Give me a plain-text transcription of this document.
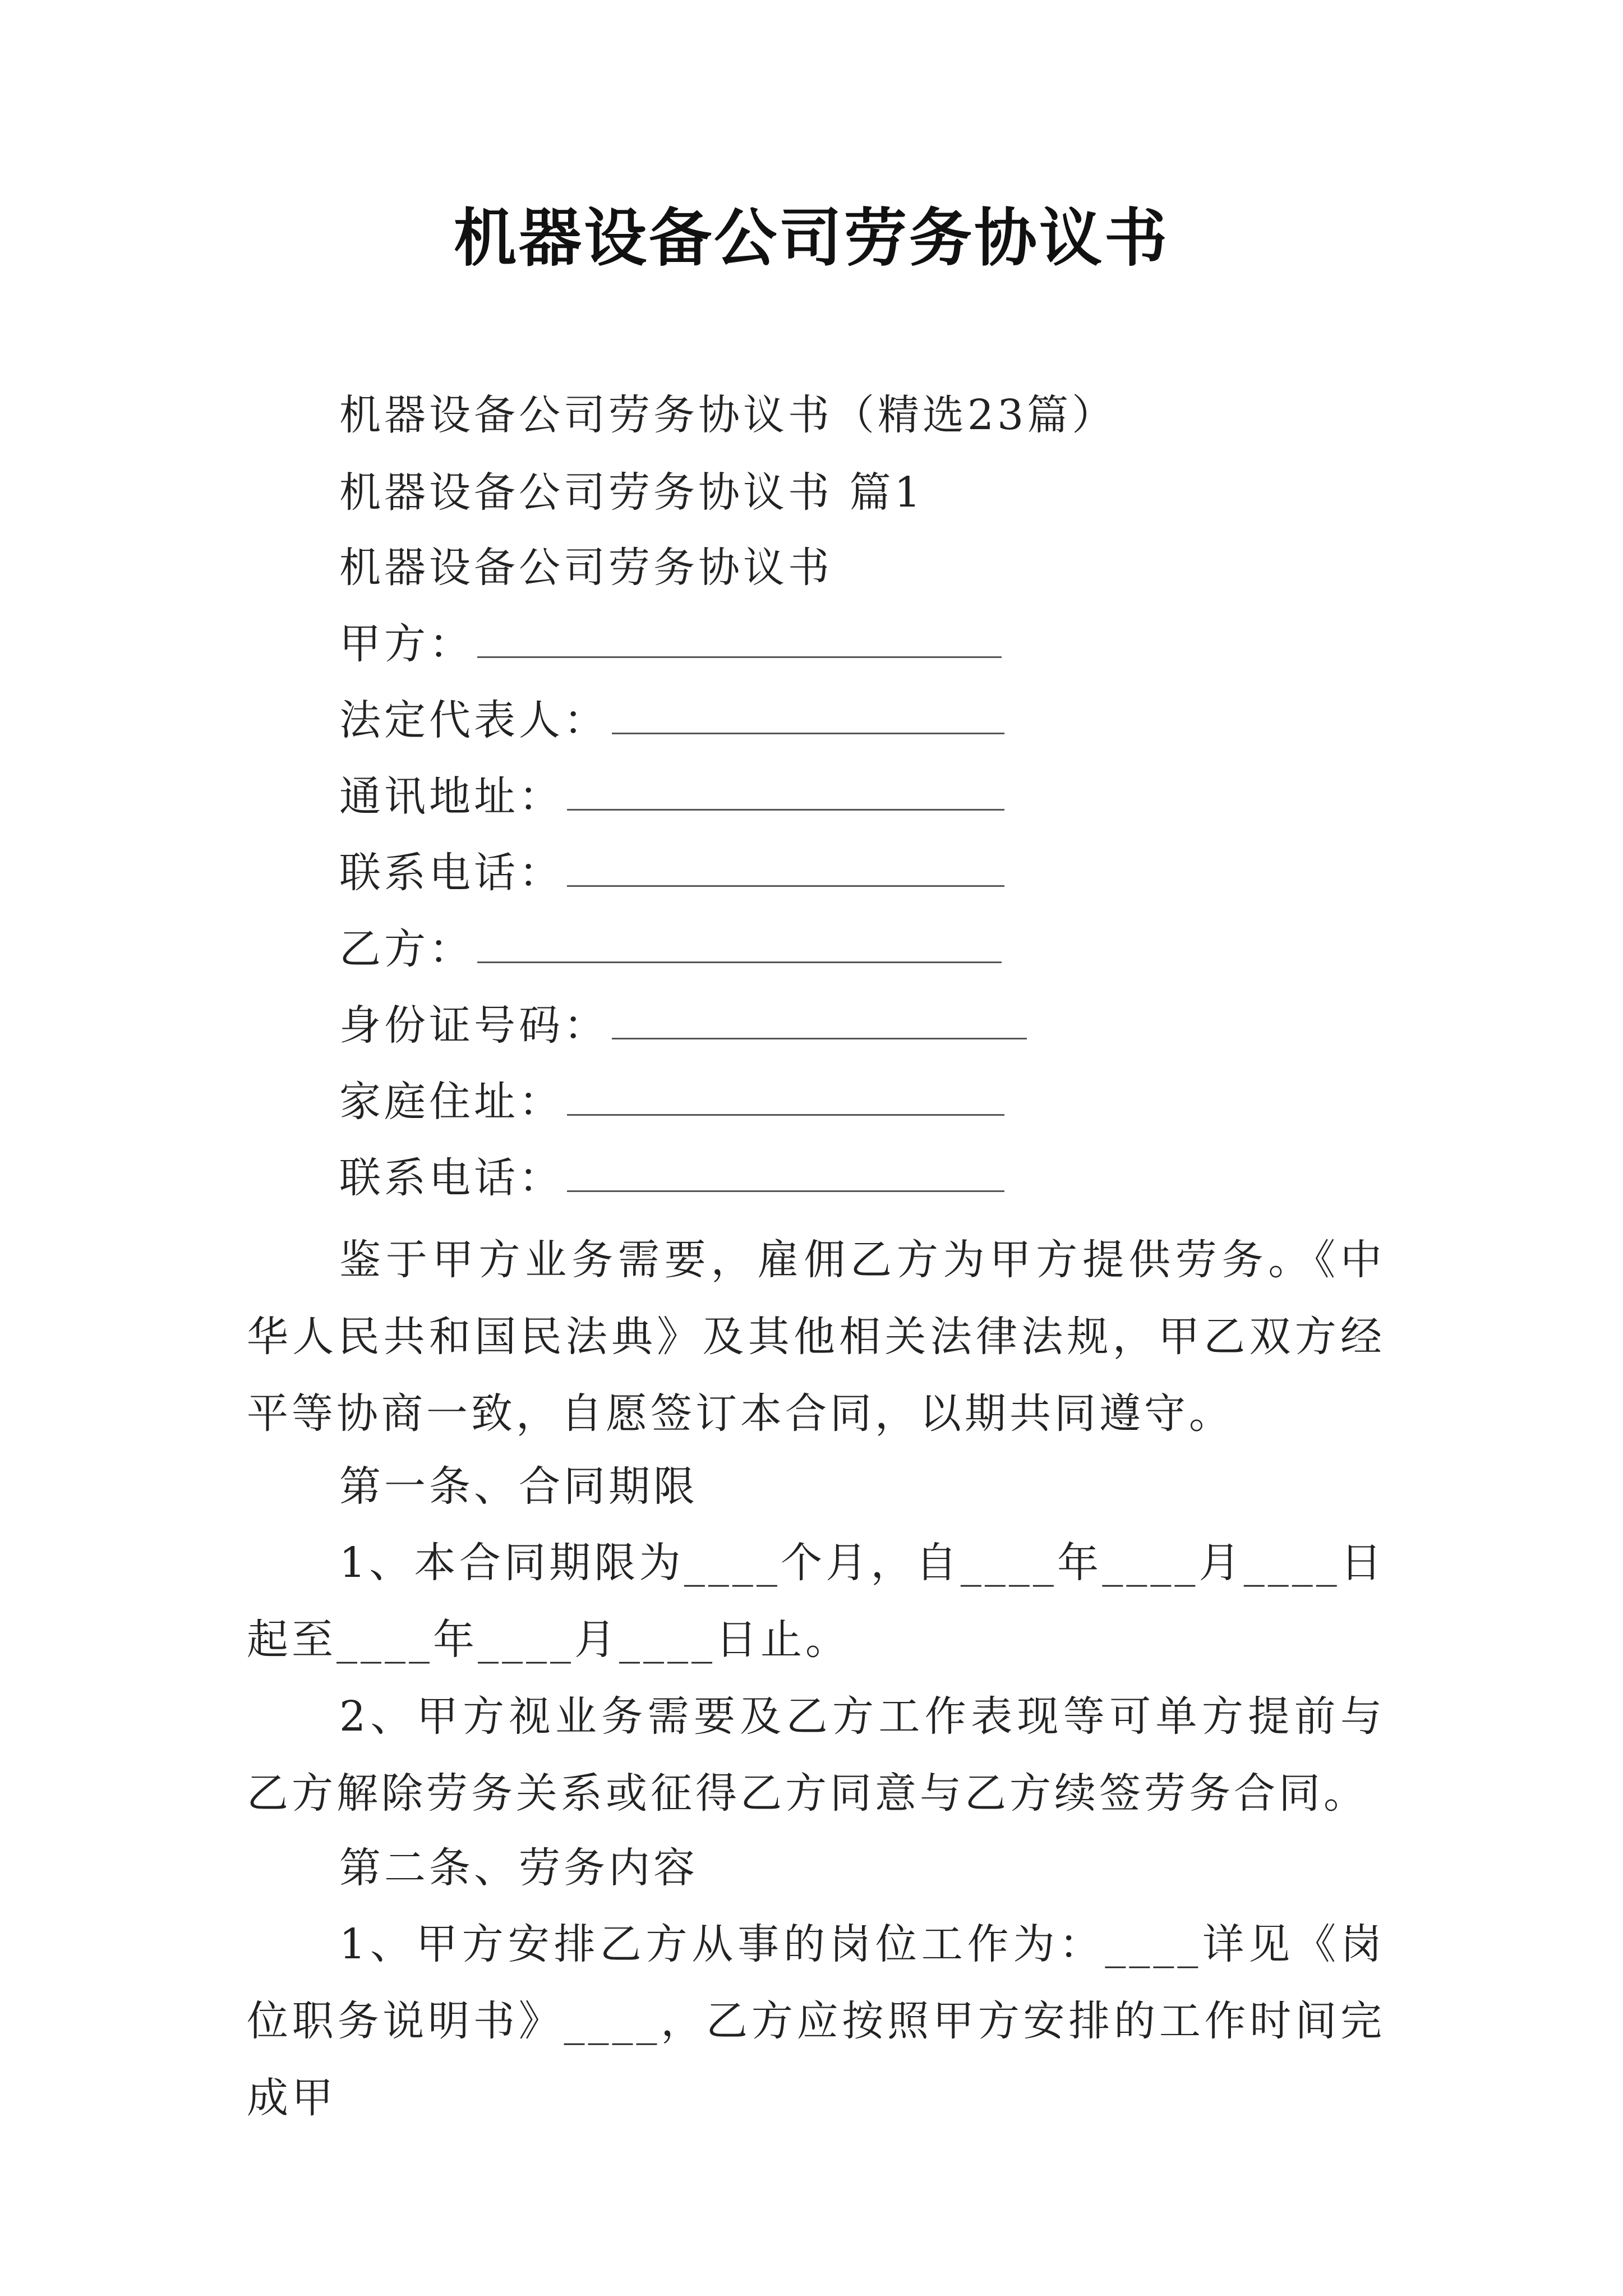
机器设备公司劳务协议书
机器设备公司劳务协议书（精选23篇）
机器设备公司劳务协议书 篇1
机器设备公司劳务协议书
甲方：
法定代表人：
通讯地址：
联系电话：
乙方：
身份证号码：
家庭住址：
联系电话：

鉴于甲方业务需要，雇佣乙方为甲方提供劳务。《中华人民共和国民法典》及其他相关法律法规，甲乙双方经平等协商一致，自愿签订本合同，以期共同遵守。

第一条、合同期限

1、本合同期限为____个月，自____年____月____日起至____年____月____日止。

2、甲方视业务需要及乙方工作表现等可单方提前与乙方解除劳务关系或征得乙方同意与乙方续签劳务合同。

第二条、劳务内容

1、甲方安排乙方从事的岗位工作为：____详见《岗位职务说明书》____，乙方应按照甲方安排的工作时间完成甲
